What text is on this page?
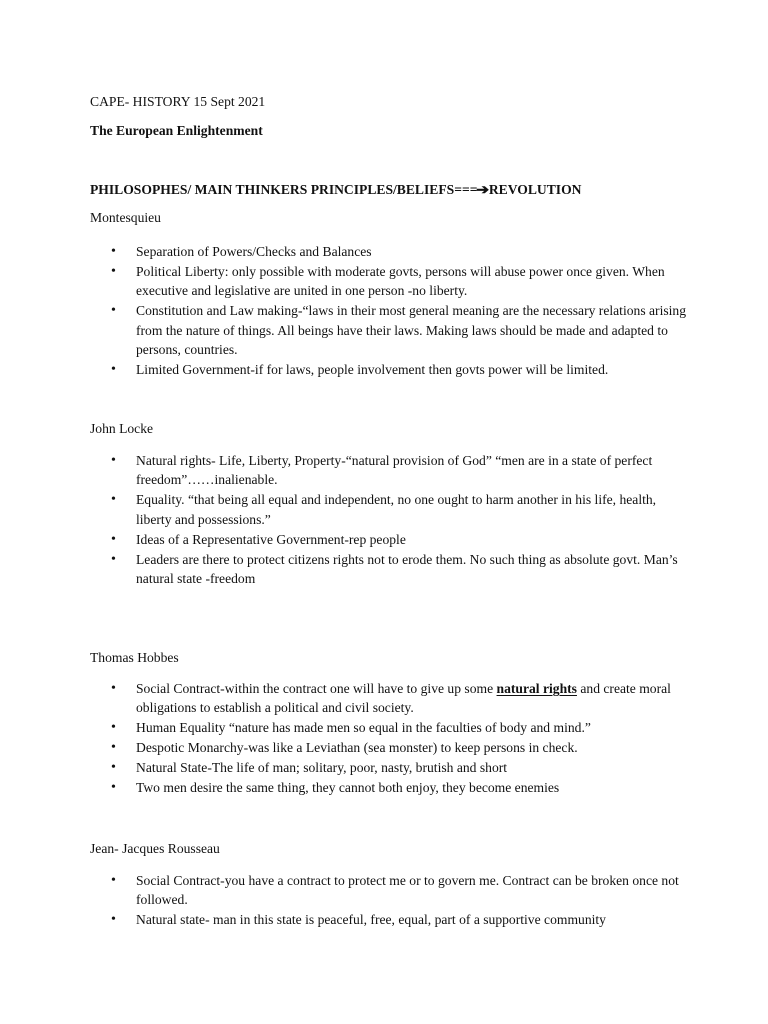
CAPE- HISTORY 15 Sept 2021
The European Enlightenment
PHILOSOPHES/ MAIN THINKERS PRINCIPLES/BELIEFS===➔REVOLUTION
Montesquieu
• Separation of Powers/Checks and Balances
• Political Liberty: only possible with moderate govts, persons will abuse power once given. When executive and legislative are united in one person -no liberty.
• Constitution and Law making-“laws in their most general meaning are the necessary relations arising from the nature of things. All beings have their laws. Making laws should be made and adapted to persons, countries.
• Limited Government-if for laws, people involvement then govts power will be limited.
John Locke
• Natural rights- Life, Liberty, Property-“natural provision of God” “men are in a state of perfect freedom”……inalienable.
• Equality. “that being all equal and independent, no one ought to harm another in his life, health, liberty and possessions.”
• Ideas of a Representative Government-rep people
• Leaders are there to protect citizens rights not to erode them. No such thing as absolute govt. Man’s natural state -freedom
Thomas Hobbes
• Social Contract-within the contract one will have to give up some natural rights and create moral obligations to establish a political and civil society.
• Human Equality “nature has made men so equal in the faculties of body and mind.”
• Despotic Monarchy-was like a Leviathan (sea monster) to keep persons in check.
• Natural State-The life of man; solitary, poor, nasty, brutish and short
• Two men desire the same thing, they cannot both enjoy, they become enemies
Jean- Jacques Rousseau
• Social Contract-you have a contract to protect me or to govern me. Contract can be broken once not followed.
• Natural state- man in this state is peaceful, free, equal, part of a supportive community
